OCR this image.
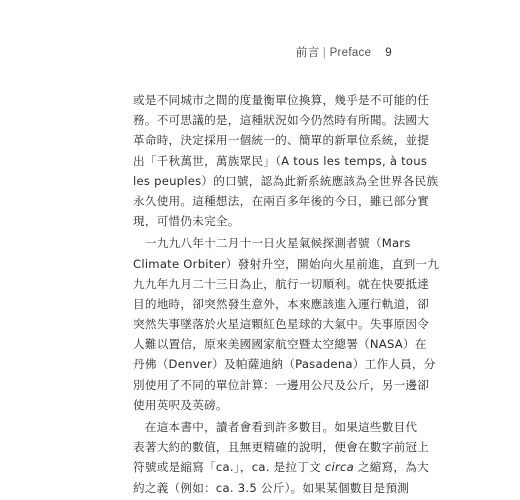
前言 | Preface 9
或是不同城市之間的度量衡單位換算，幾乎是不可能的任
務。不可思議的是，這種狀況如今仍然時有所聞。法國大
革命時，決定採用一個統一的、簡單的新單位系統，並提
出「千秋萬世，萬族眾民」（A tous les temps, à tous
les peuples）的口號，認為此新系統應該為全世界各民族
永久使用。這種想法，在兩百多年後的今日，雖已部分實
現，可惜仍未完全。
　一九九八年十二月十一日火星氣候探測者號（Mars
Climate Orbiter）發射升空，開始向火星前進，直到一九
九九年九月二十三日為止，航行一切順利。就在快要抵達
目的地時，卻突然發生意外，本來應該進入運行軌道，卻
突然失事墜落於火星這顆紅色星球的大氣中。失事原因令
人難以置信，原來美國國家航空暨太空總署（NASA）在
丹佛（Denver）及帕薩迪納（Pasadena）工作人員，分
別使用了不同的單位計算：一邊用公尺及公斤，另一邊卻
使用英呎及英磅。
　在這本書中，讀者會看到許多數目。如果這些數目代
表著大約的數值，且無更精確的說明，便會在數字前冠上
符號或是縮寫「ca.」，ca. 是拉丁文 circa 之縮寫，為大
約之義（例如：ca. 3.5 公斤）。如果某個數目是預測
